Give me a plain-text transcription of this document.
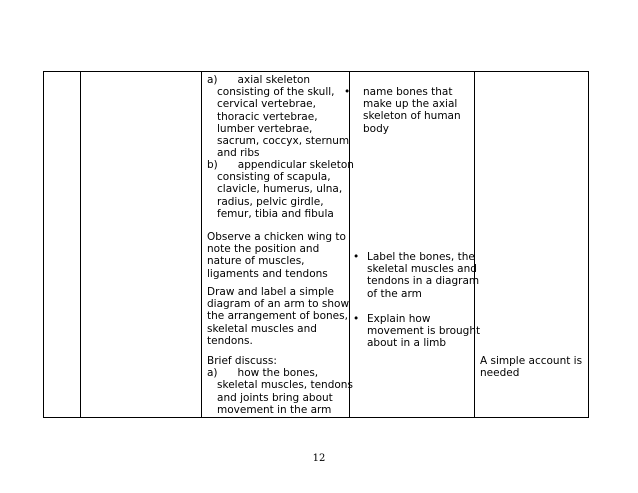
a)      axial skeleton
consisting of the skull,
cervical vertebrae,
thoracic vertebrae,
lumber vertebrae,
sacrum, coccyx, sternum
and ribs
b)      appendicular skeleton
consisting of scapula,
clavicle, humerus, ulna,
radius, pelvic girdle,
femur, tibia and fibula
Observe a chicken wing to
note the position and
nature of muscles,
ligaments and tendons
Draw and label a simple
diagram of an arm to show
the arrangement of bones,
skeletal muscles and
tendons.
Brief discuss:
a)      how the bones,
skeletal muscles, tendons
and joints bring about
movement in the arm
• name bones that
make up the axial
skeleton of human
body
• Label the bones, the
skeletal muscles and
tendons in a diagram
of the arm
• Explain how
movement is brought
about in a limb
A simple account is
needed
12
